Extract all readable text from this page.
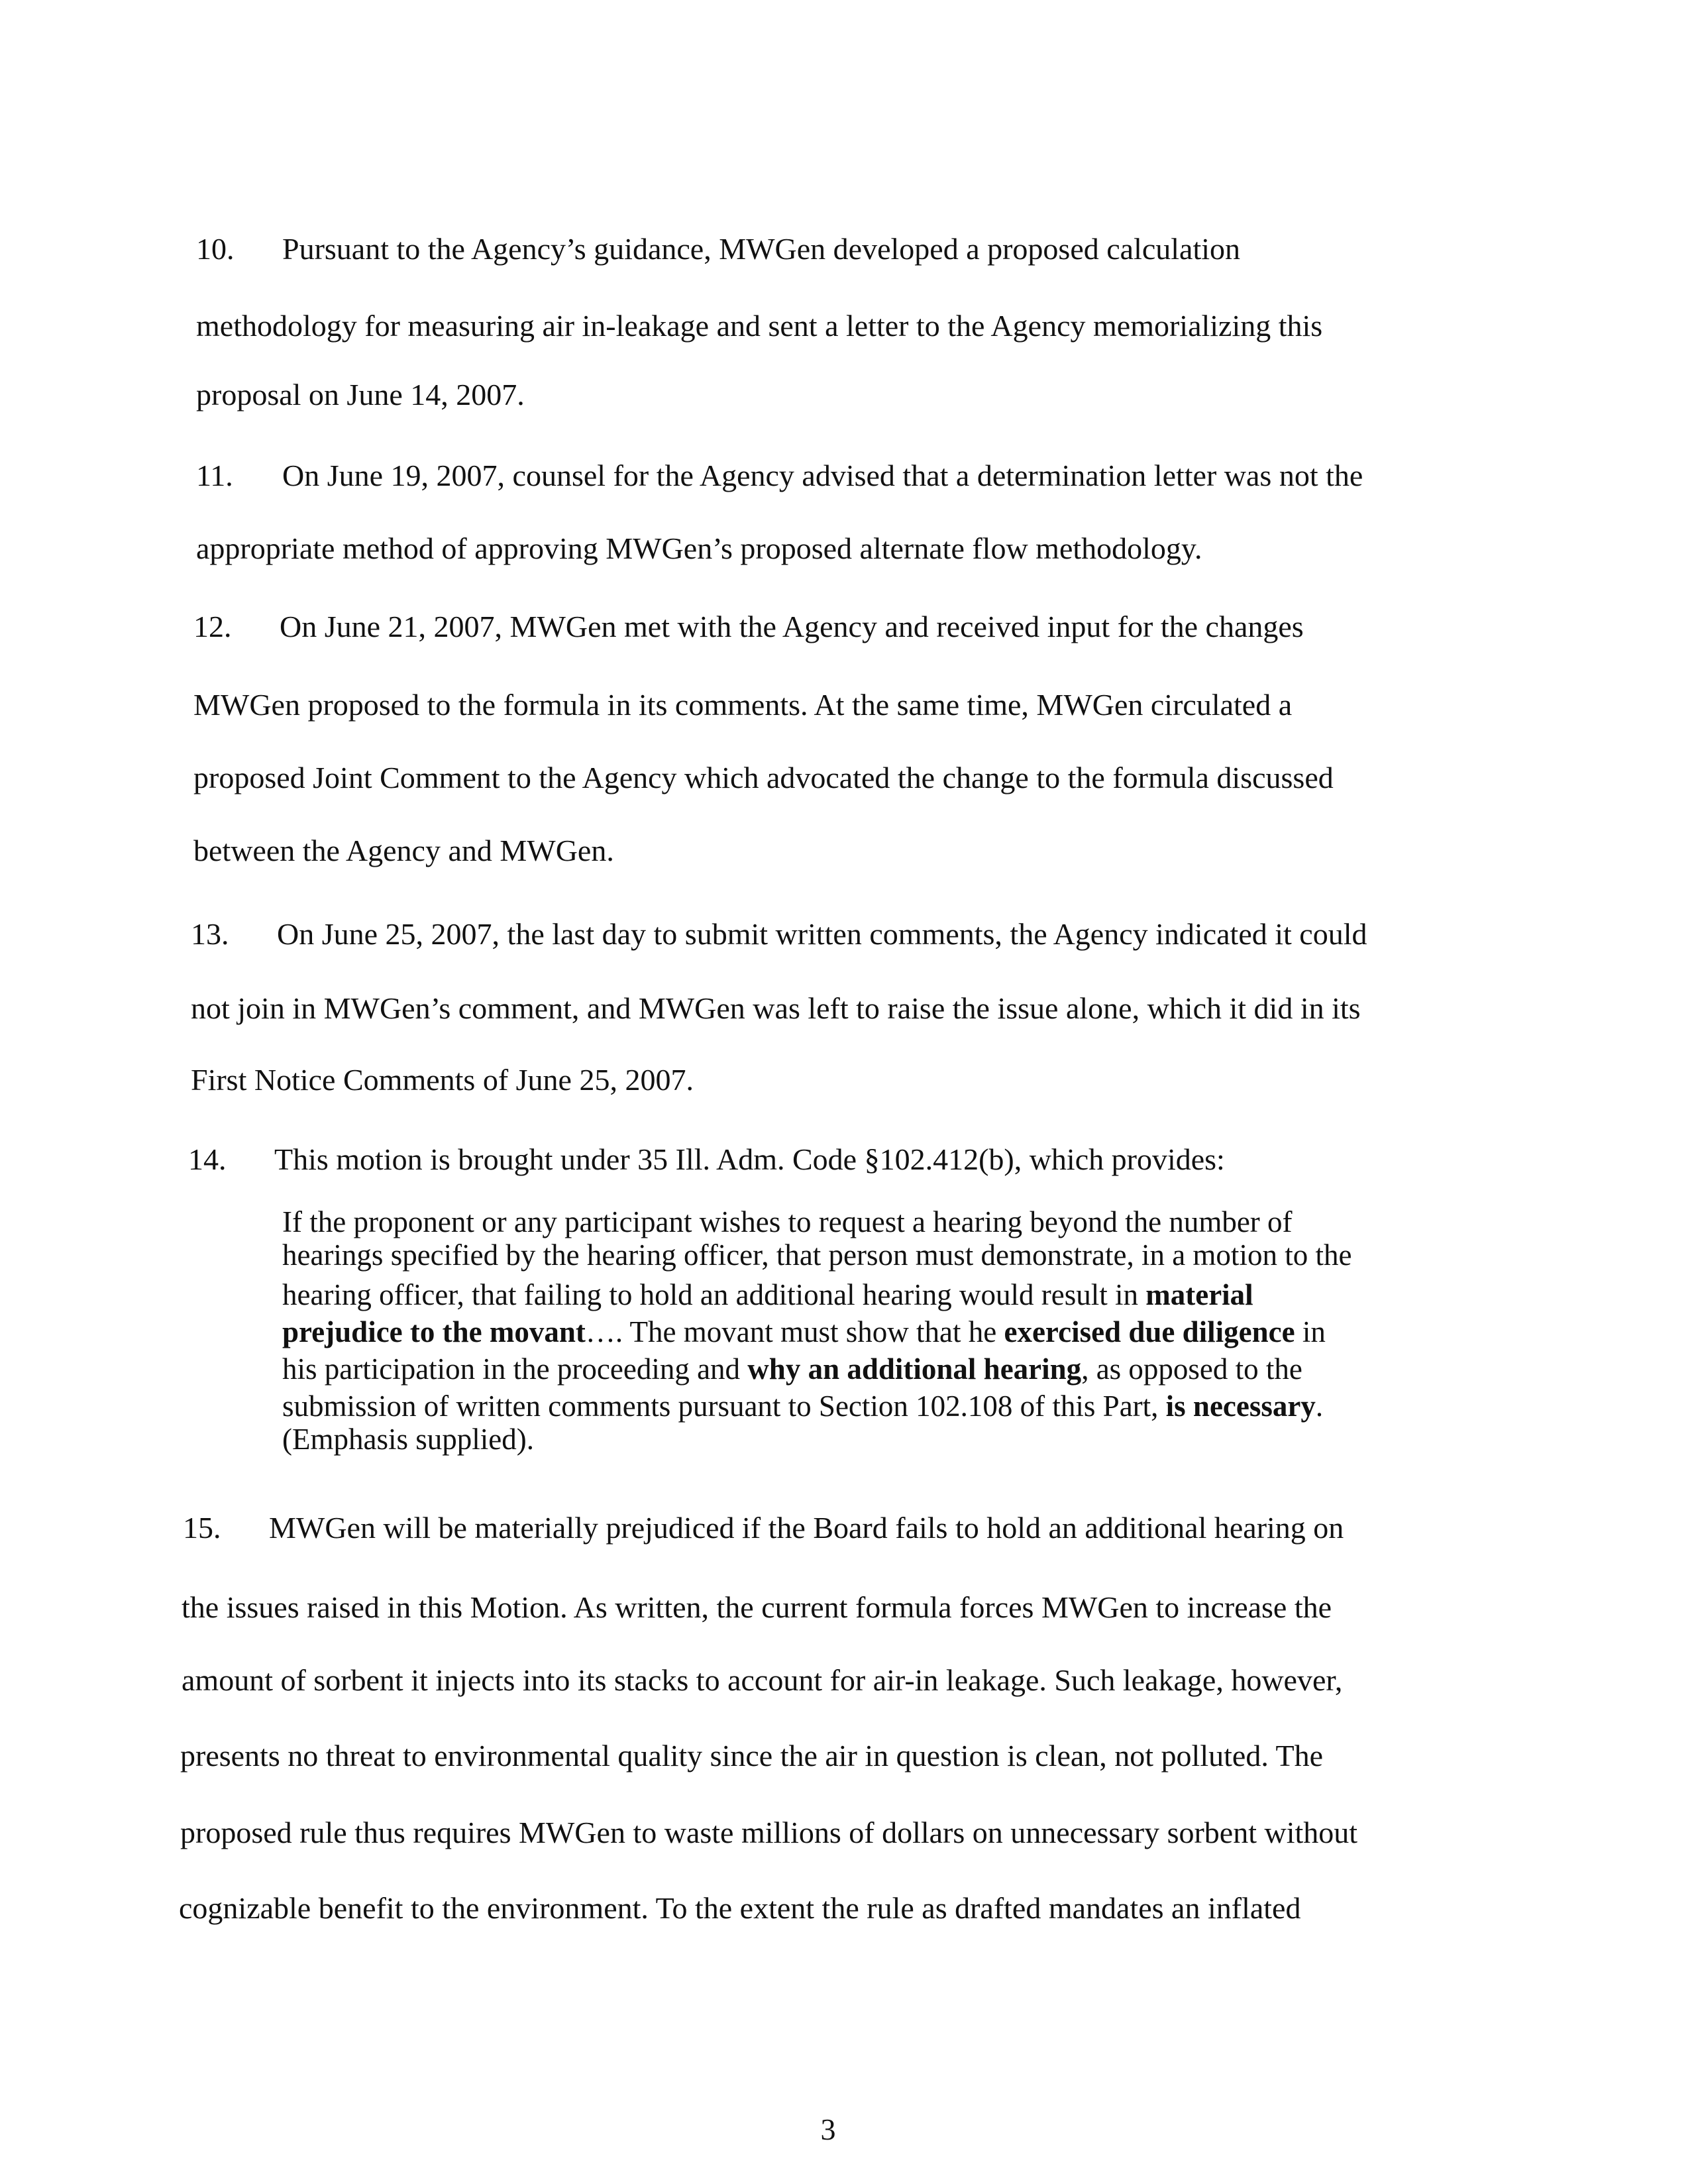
10. Pursuant to the Agency’s guidance, MWGen developed a proposed calculation
methodology for measuring air in-leakage and sent a letter to the Agency memorializing this
proposal on June 14, 2007.
11. On June 19, 2007, counsel for the Agency advised that a determination letter was not the
appropriate method of approving MWGen’s proposed alternate flow methodology.
12. On June 21, 2007, MWGen met with the Agency and received input for the changes
MWGen proposed to the formula in its comments. At the same time, MWGen circulated a
proposed Joint Comment to the Agency which advocated the change to the formula discussed
between the Agency and MWGen.
13. On June 25, 2007, the last day to submit written comments, the Agency indicated it could
not join in MWGen’s comment, and MWGen was left to raise the issue alone, which it did in its
First Notice Comments of June 25, 2007.
14. This motion is brought under 35 Ill. Adm. Code §102.412(b), which provides:
If the proponent or any participant wishes to request a hearing beyond the number of
hearings specified by the hearing officer, that person must demonstrate, in a motion to the
hearing officer, that failing to hold an additional hearing would result in material
prejudice to the movant…. The movant must show that he exercised due diligence in
his participation in the proceeding and why an additional hearing, as opposed to the
submission of written comments pursuant to Section 102.108 of this Part, is necessary.
(Emphasis supplied).
15. MWGen will be materially prejudiced if the Board fails to hold an additional hearing on
the issues raised in this Motion. As written, the current formula forces MWGen to increase the
amount of sorbent it injects into its stacks to account for air-in leakage. Such leakage, however,
presents no threat to environmental quality since the air in question is clean, not polluted. The
proposed rule thus requires MWGen to waste millions of dollars on unnecessary sorbent without
cognizable benefit to the environment. To the extent the rule as drafted mandates an inflated
3
